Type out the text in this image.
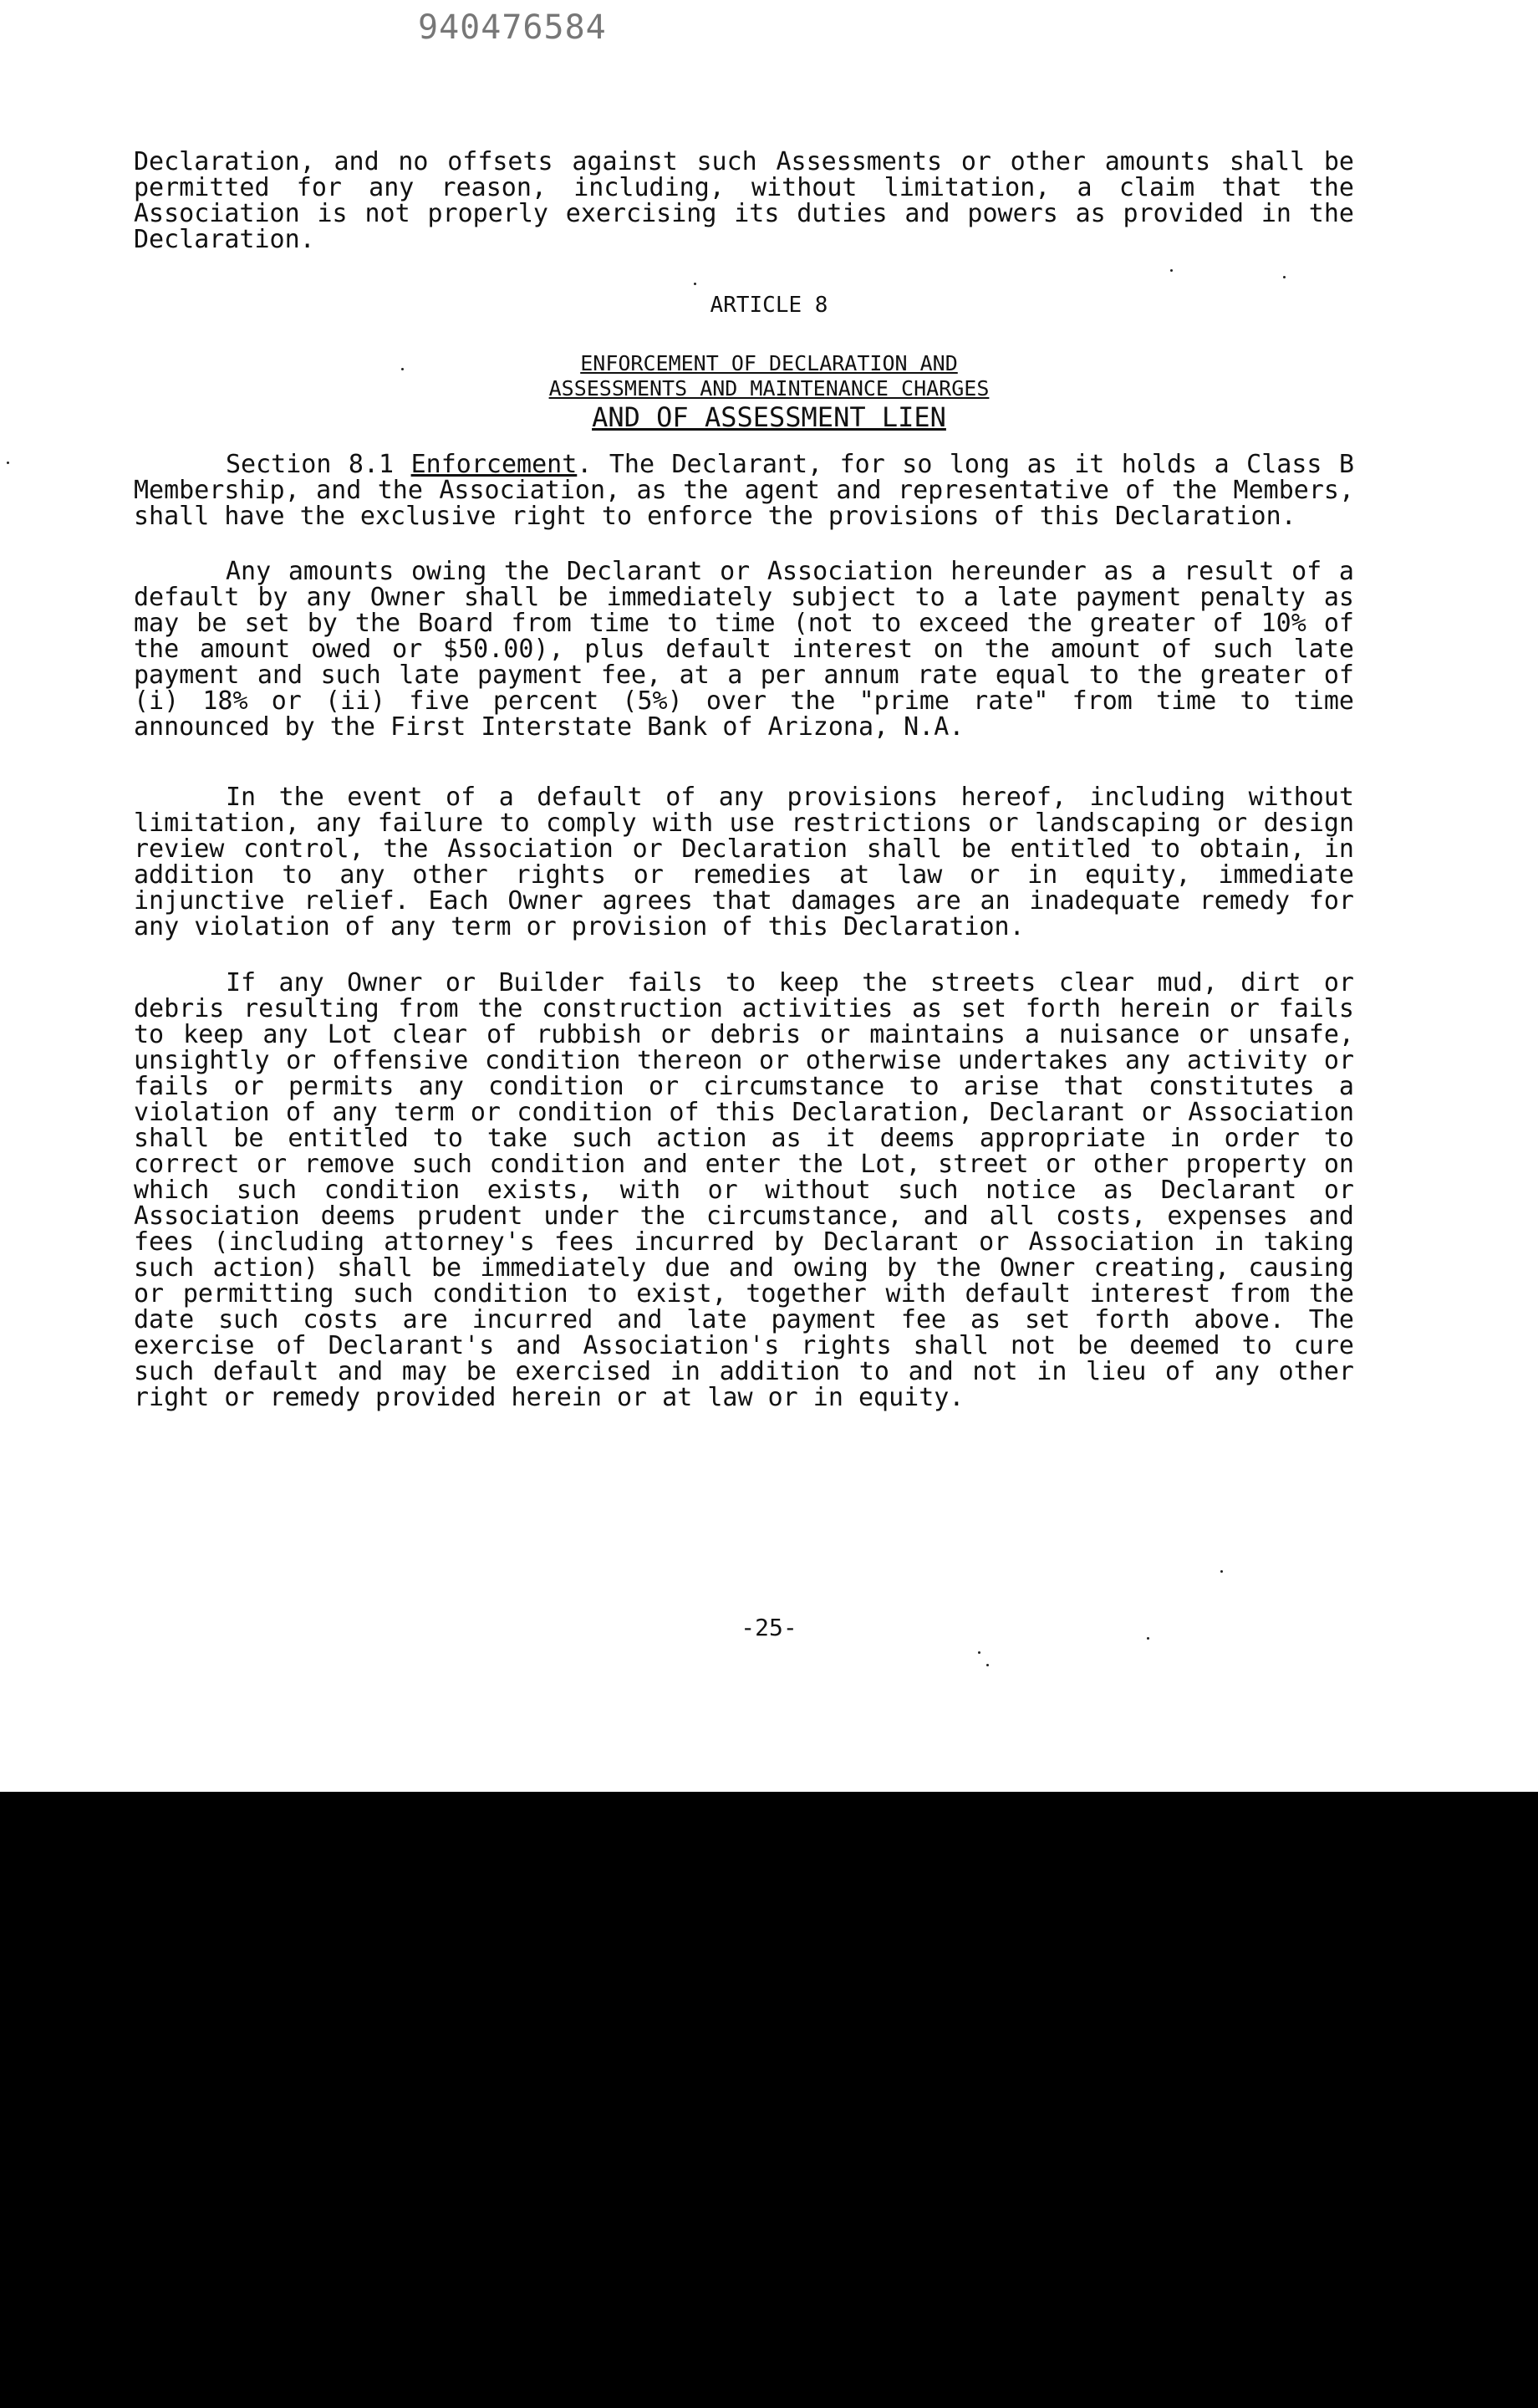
940476584
Declaration, and no offsets against such Assessments or other amounts shall be permitted for any reason, including, without limitation, a claim that the Association is not properly exercising its duties and powers as provided in the Declaration.
ARTICLE 8
ENFORCEMENT OF DECLARATION AND
ASSESSMENTS AND MAINTENANCE CHARGES
AND OF ASSESSMENT LIEN
Section 8.1 Enforcement. The Declarant, for so long as it holds a Class B Membership, and the Association, as the agent and representative of the Members, shall have the exclusive right to enforce the provisions of this Declaration.
Any amounts owing the Declarant or Association hereunder as a result of a default by any Owner shall be immediately subject to a late payment penalty as may be set by the Board from time to time (not to exceed the greater of 10% of the amount owed or $50.00), plus default interest on the amount of such late payment and such late payment fee, at a per annum rate equal to the greater of (i) 18% or (ii) five percent (5%) over the "prime rate" from time to time announced by the First Interstate Bank of Arizona, N.A.
In the event of a default of any provisions hereof, including without limitation, any failure to comply with use restrictions or landscaping or design review control, the Association or Declaration shall be entitled to obtain, in addition to any other rights or remedies at law or in equity, immediate injunctive relief. Each Owner agrees that damages are an inadequate remedy for any violation of any term or provision of this Declaration.
If any Owner or Builder fails to keep the streets clear mud, dirt or debris resulting from the construction activities as set forth herein or fails to keep any Lot clear of rubbish or debris or maintains a nuisance or unsafe, unsightly or offensive condition thereon or otherwise undertakes any activity or fails or permits any condition or circumstance to arise that constitutes a violation of any term or condition of this Declaration, Declarant or Association shall be entitled to take such action as it deems appropriate in order to correct or remove such condition and enter the Lot, street or other property on which such condition exists, with or without such notice as Declarant or Association deems prudent under the circumstance, and all costs, expenses and fees (including attorney's fees incurred by Declarant or Association in taking such action) shall be immediately due and owing by the Owner creating, causing or permitting such condition to exist, together with default interest from the date such costs are incurred and late payment fee as set forth above. The exercise of Declarant's and Association's rights shall not be deemed to cure such default and may be exercised in addition to and not in lieu of any other right or remedy provided herein or at law or in equity.
-25-
